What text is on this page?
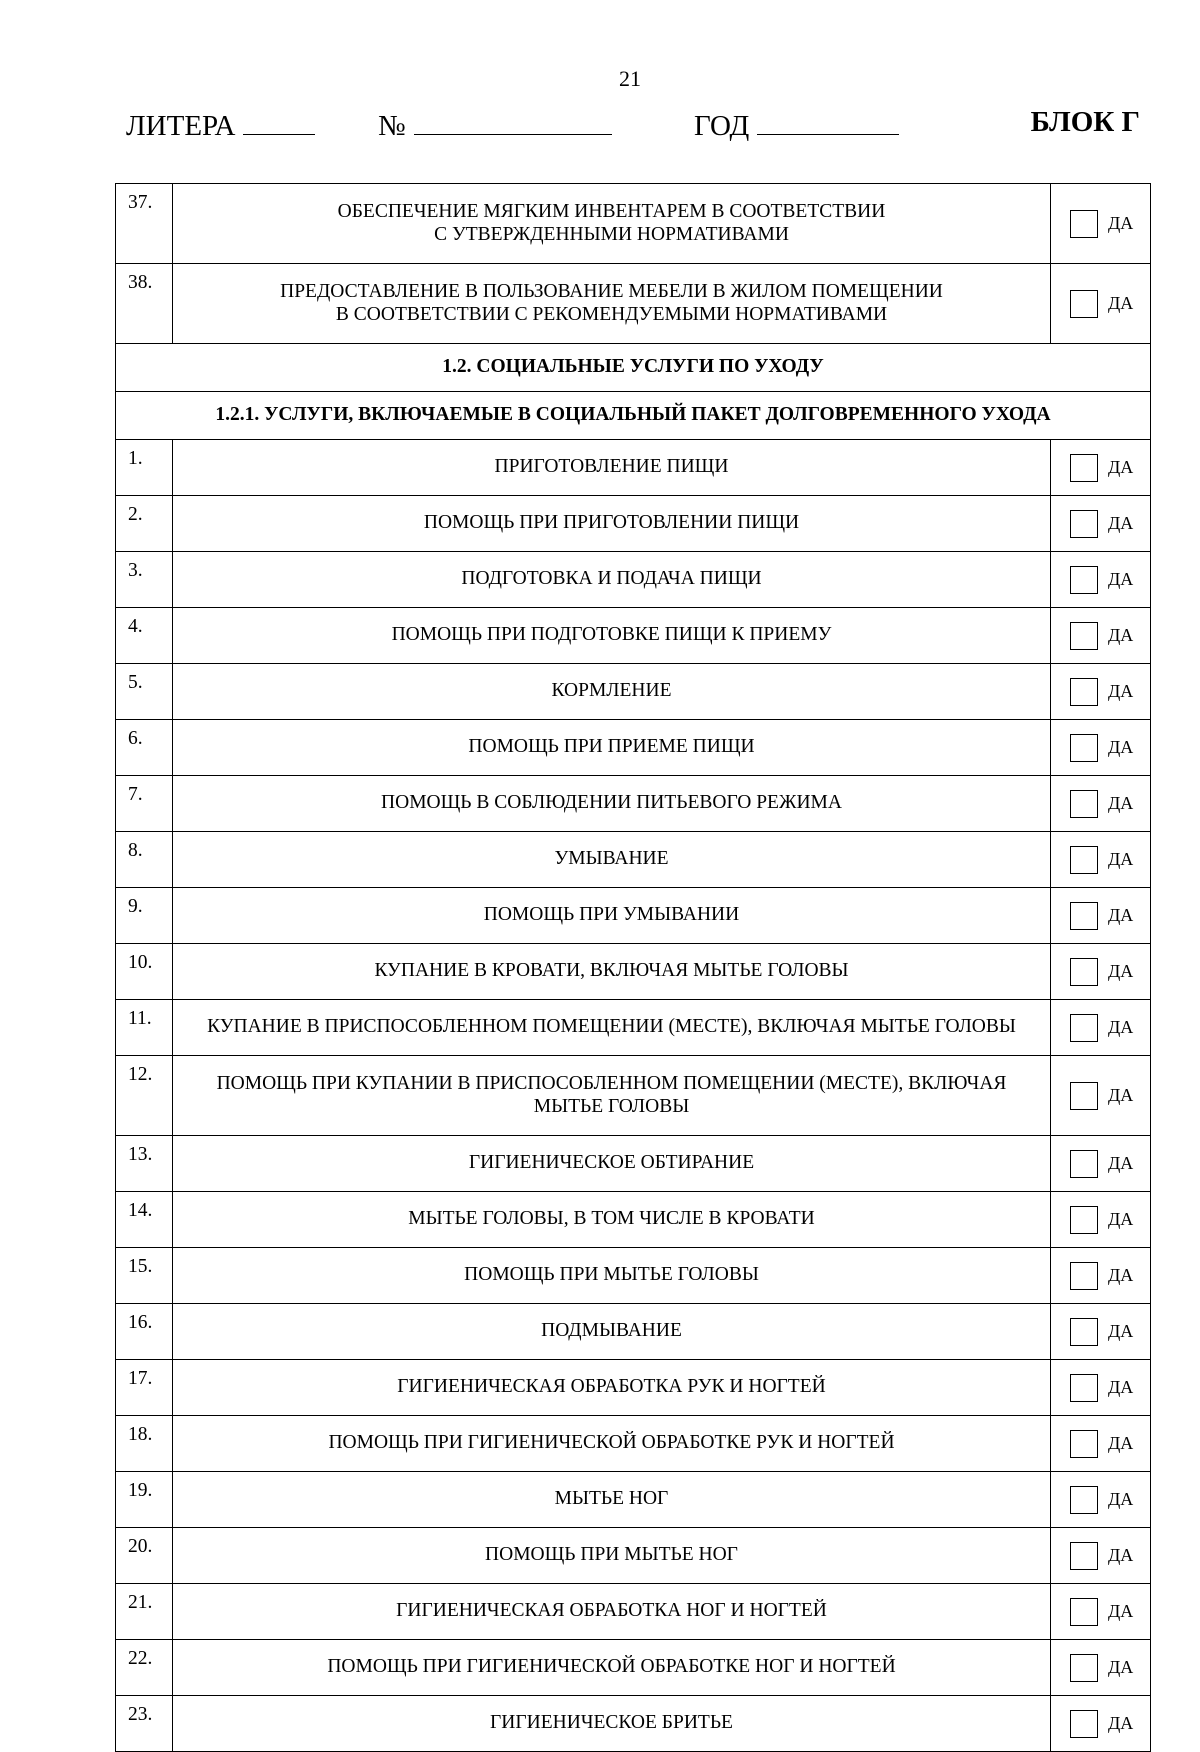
21
ЛИТЕРА	№	ГОД	БЛОК Г
37.	ОБЕСПЕЧЕНИЕ МЯГКИМ ИНВЕНТАРЕМ В СООТВЕТСТВИИ
С УТВЕРЖДЕННЫМИ НОРМАТИВАМИ	ДА

38.	ПРЕДОСТАВЛЕНИЕ В ПОЛЬЗОВАНИЕ МЕБЕЛИ В ЖИЛОМ ПОМЕЩЕНИИ
В СООТВЕТСТВИИ С РЕКОМЕНДУЕМЫМИ НОРМАТИВАМИ	ДА

1.2. СОЦИАЛЬНЫЕ УСЛУГИ ПО УХОДУ		
1.2.1. УСЛУГИ, ВКЛЮЧАЕМЫЕ В СОЦИАЛЬНЫЙ ПАКЕТ ДОЛГОВРЕМЕННОГО УХОДА		
1.	ПРИГОТОВЛЕНИЕ ПИЩИ	ДА

2.	ПОМОЩЬ ПРИ ПРИГОТОВЛЕНИИ ПИЩИ	ДА

3.	ПОДГОТОВКА И ПОДАЧА ПИЩИ	ДА

4.	ПОМОЩЬ ПРИ ПОДГОТОВКЕ ПИЩИ К ПРИЕМУ	ДА

5.	КОРМЛЕНИЕ	ДА

6.	ПОМОЩЬ ПРИ ПРИЕМЕ ПИЩИ	ДА

7.	ПОМОЩЬ В СОБЛЮДЕНИИ ПИТЬЕВОГО РЕЖИМА	ДА

8.	УМЫВАНИЕ	ДА

9.	ПОМОЩЬ ПРИ УМЫВАНИИ	ДА

10.	КУПАНИЕ В КРОВАТИ, ВКЛЮЧАЯ МЫТЬЕ ГОЛОВЫ	ДА

11.	КУПАНИЕ В ПРИСПОСОБЛЕННОМ ПОМЕЩЕНИИ (МЕСТЕ), ВКЛЮЧАЯ МЫТЬЕ ГОЛОВЫ	ДА

12.	ПОМОЩЬ ПРИ КУПАНИИ В ПРИСПОСОБЛЕННОМ ПОМЕЩЕНИИ (МЕСТЕ), ВКЛЮЧАЯ
МЫТЬЕ ГОЛОВЫ	ДА

13.	ГИГИЕНИЧЕСКОЕ ОБТИРАНИЕ	ДА

14.	МЫТЬЕ ГОЛОВЫ, В ТОМ ЧИСЛЕ В КРОВАТИ	ДА

15.	ПОМОЩЬ ПРИ МЫТЬЕ ГОЛОВЫ	ДА

16.	ПОДМЫВАНИЕ	ДА

17.	ГИГИЕНИЧЕСКАЯ ОБРАБОТКА РУК И НОГТЕЙ	ДА

18.	ПОМОЩЬ ПРИ ГИГИЕНИЧЕСКОЙ ОБРАБОТКЕ РУК И НОГТЕЙ	ДА

19.	МЫТЬЕ НОГ	ДА

20.	ПОМОЩЬ ПРИ МЫТЬЕ НОГ	ДА

21.	ГИГИЕНИЧЕСКАЯ ОБРАБОТКА НОГ И НОГТЕЙ	ДА

22.	ПОМОЩЬ ПРИ ГИГИЕНИЧЕСКОЙ ОБРАБОТКЕ НОГ И НОГТЕЙ	ДА

23.	ГИГИЕНИЧЕСКОЕ БРИТЬЕ	ДА
